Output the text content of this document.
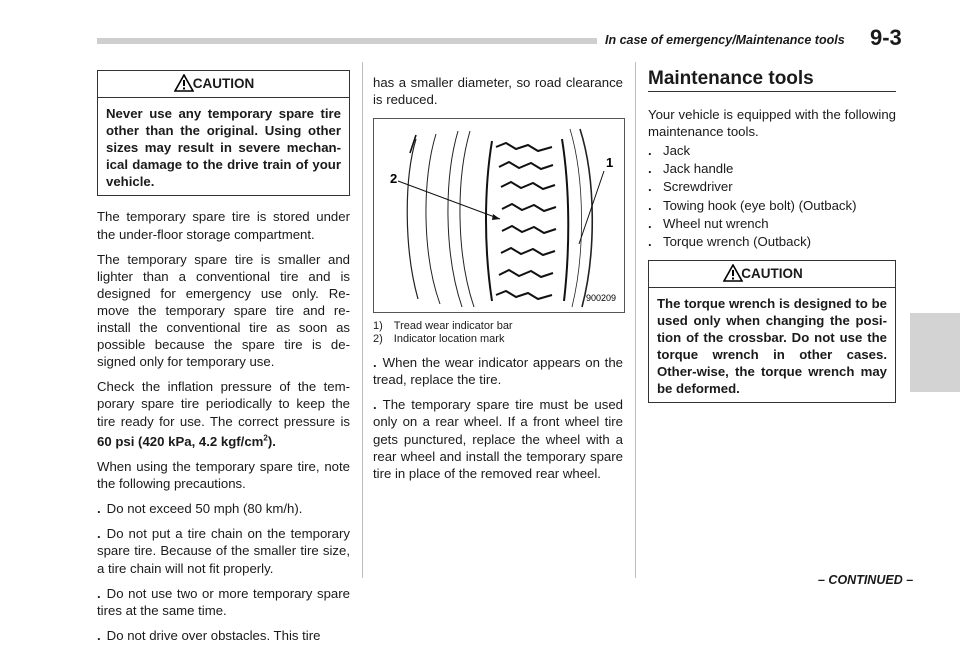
In case of emergency/Maintenance tools 9-3
CAUTION
Never use any temporary spare tire other than the original. Using other sizes may result in severe mechan-ical damage to the drive train of your vehicle.

The temporary spare tire is stored under the under-floor storage compartment.

The temporary spare tire is smaller and lighter than a conventional tire and is designed for emergency use only. Re-move the temporary spare tire and re-install the conventional tire as soon as possible because the spare tire is de-signed only for temporary use.

Check the inflation pressure of the tem-porary spare tire periodically to keep the tire ready for use. The correct pressure is 60 psi (420 kPa, 4.2 kgf/$cm^2$).

When using the temporary spare tire, note the following precautions.

. Do not exceed 50 mph (80 km/h).

. Do not put a tire chain on the temporary spare tire. Because of the smaller tire size, a tire chain will not fit properly.

. Do not use two or more temporary spare tires at the same time.

. Do not drive over obstacles. This tire

has a smaller diameter, so road clearance is reduced.

1
2
900209
1) Tread wear indicator bar
2) Indicator location mark

. When the wear indicator appears on the tread, replace the tire.

. The temporary spare tire must be used only on a rear wheel. If a front wheel tire gets punctured, replace the wheel with a rear wheel and install the temporary spare tire in place of the removed rear wheel.

Maintenance tools

Your vehicle is equipped with the following maintenance tools.

. Jack
. Jack handle
. Screwdriver
. Towing hook (eye bolt) (Outback)
. Wheel nut wrench
. Torque wrench (Outback)
CAUTION
The torque wrench is designed to be used only when changing the posi-tion of the crossbar. Do not use the torque wrench in other cases. Other-wise, the torque wrench may be deformed.
– CONTINUED –
